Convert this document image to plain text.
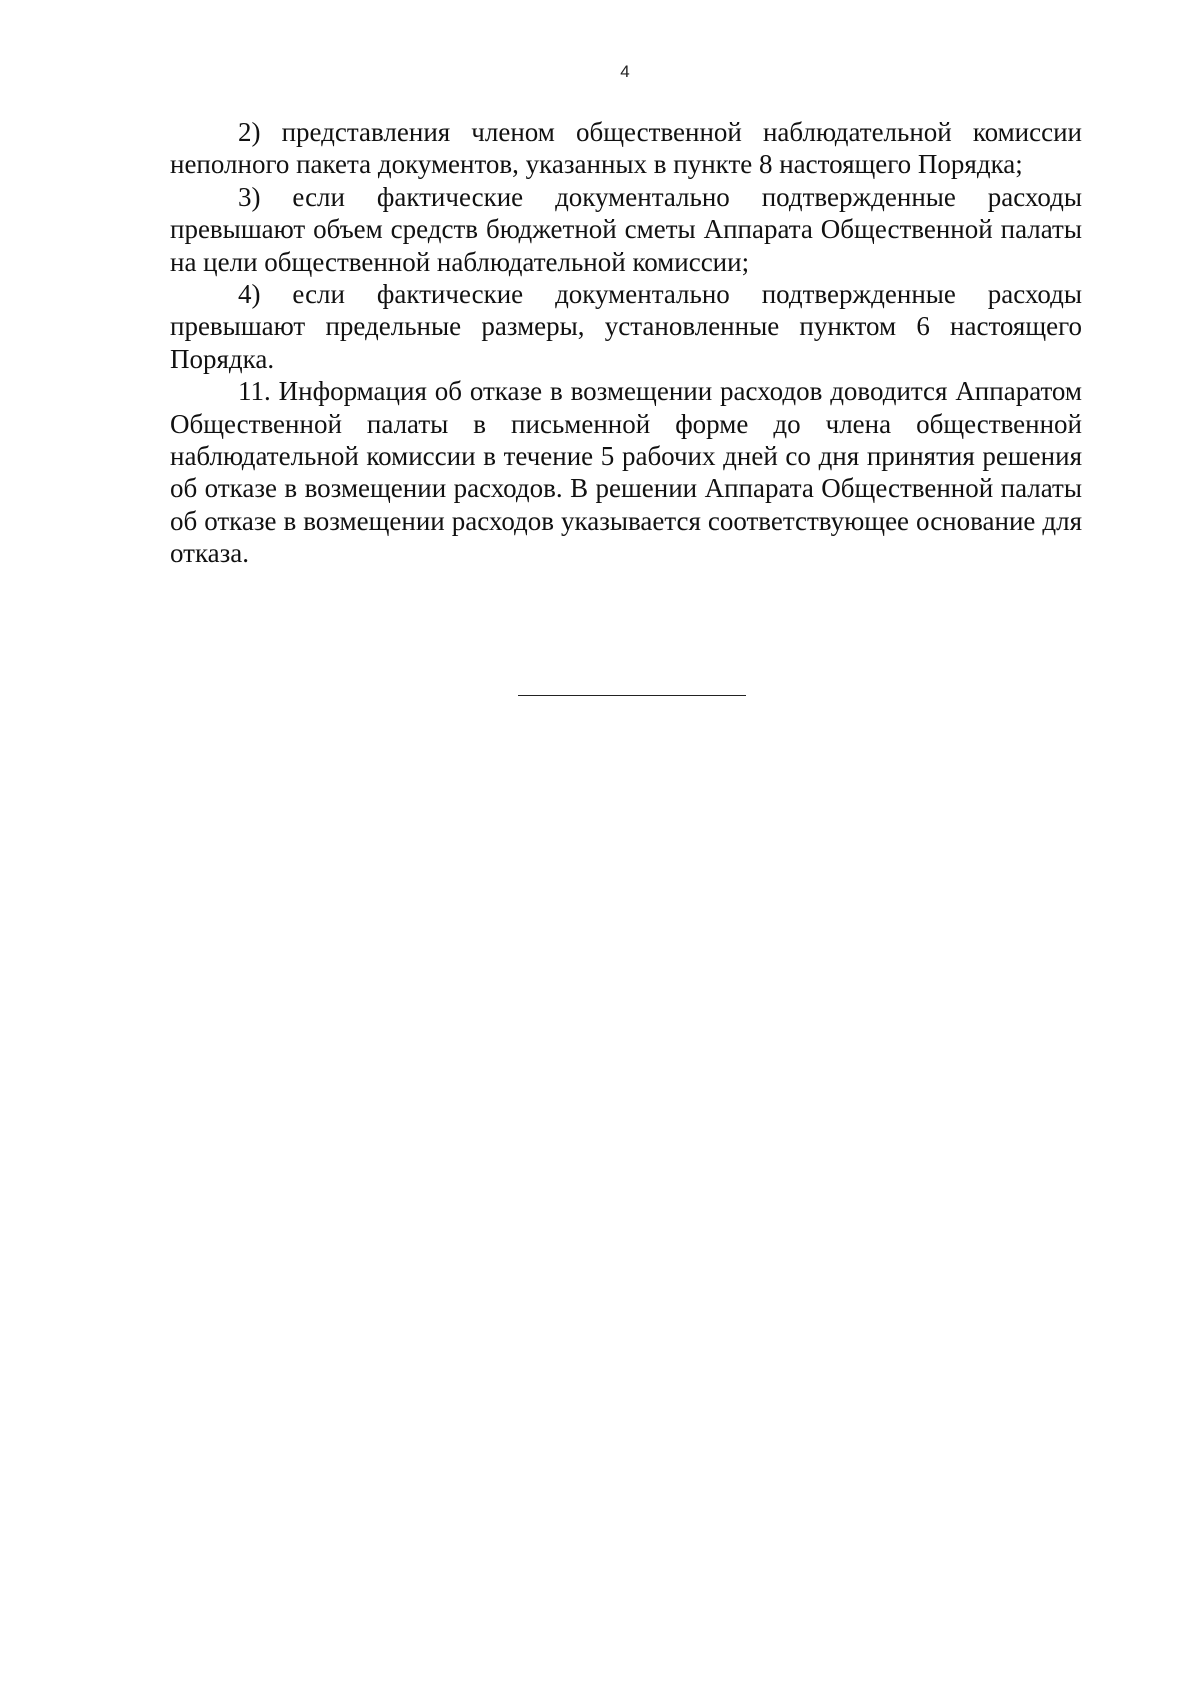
4

2) представления членом общественной наблюдательной комиссии неполного пакета документов, указанных в пункте 8 настоящего Порядка;

3) если фактические документально подтвержденные расходы превышают объем средств бюджетной сметы Аппарата Общественной палаты на цели общественной наблюдательной комиссии;

4) если фактические документально подтвержденные расходы превышают предельные размеры, установленные пунктом 6 настоящего Порядка.

11. Информация об отказе в возмещении расходов доводится Аппаратом Общественной палаты в письменной форме до члена общественной наблюдательной комиссии в течение 5 рабочих дней со дня принятия решения об отказе в возмещении расходов. В решении Аппарата Общественной палаты об отказе в возмещении расходов указывается соответствующее основание для отказа.
